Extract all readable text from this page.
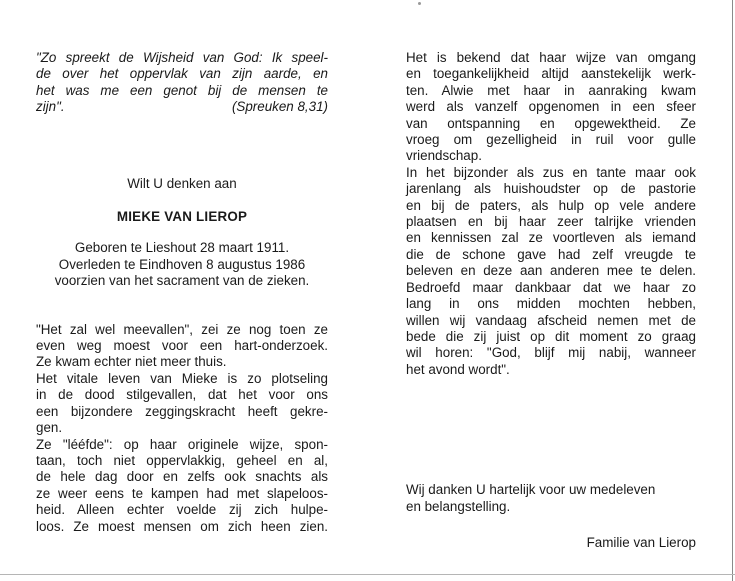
"Zo spreekt de Wijsheid van God: Ik speel-
de over het oppervlak van zijn aarde, en
het was me een genot bij de mensen te
zijn".	(Spreuken 8,31)

Wilt U denken aan

MIEKE VAN LIEROP

Geboren te Lieshout 28 maart 1911.
Overleden te Eindhoven 8 augustus 1986
voorzien van het sacrament van de zieken.

"Het zal wel meevallen", zei ze nog toen ze
even weg moest voor een hart-onderzoek.
Ze kwam echter niet meer thuis.
Het vitale leven van Mieke is zo plotseling
in de dood stilgevallen, dat het voor ons
een bijzondere zeggingskracht heeft gekre-
gen.
Ze "lééfde": op haar originele wijze, spon-
taan, toch niet oppervlakkig, geheel en al,
de hele dag door en zelfs ook snachts als
ze weer eens te kampen had met slapeloos-
heid. Alleen echter voelde zij zich hulpe-
loos. Ze moest mensen om zich heen zien.

Het is bekend dat haar wijze van omgang
en toegankelijkheid altijd aanstekelijk werk-
ten. Alwie met haar in aanraking kwam
werd als vanzelf opgenomen in een sfeer
van ontspanning en opgewektheid. Ze
vroeg om gezelligheid in ruil voor gulle
vriendschap.
In het bijzonder als zus en tante maar ook
jarenlang als huishoudster op de pastorie
en bij de paters, als hulp op vele andere
plaatsen en bij haar zeer talrijke vrienden
en kennissen zal ze voortleven als iemand
die de schone gave had zelf vreugde te
beleven en deze aan anderen mee te delen.
Bedroefd maar dankbaar dat we haar zo
lang in ons midden mochten hebben,
willen wij vandaag afscheid nemen met de
bede die zij juist op dit moment zo graag
wil horen: "God, blijf mij nabij, wanneer
het avond wordt".

Wij danken U hartelijk voor uw medeleven
en belangstelling.

Familie van Lierop
